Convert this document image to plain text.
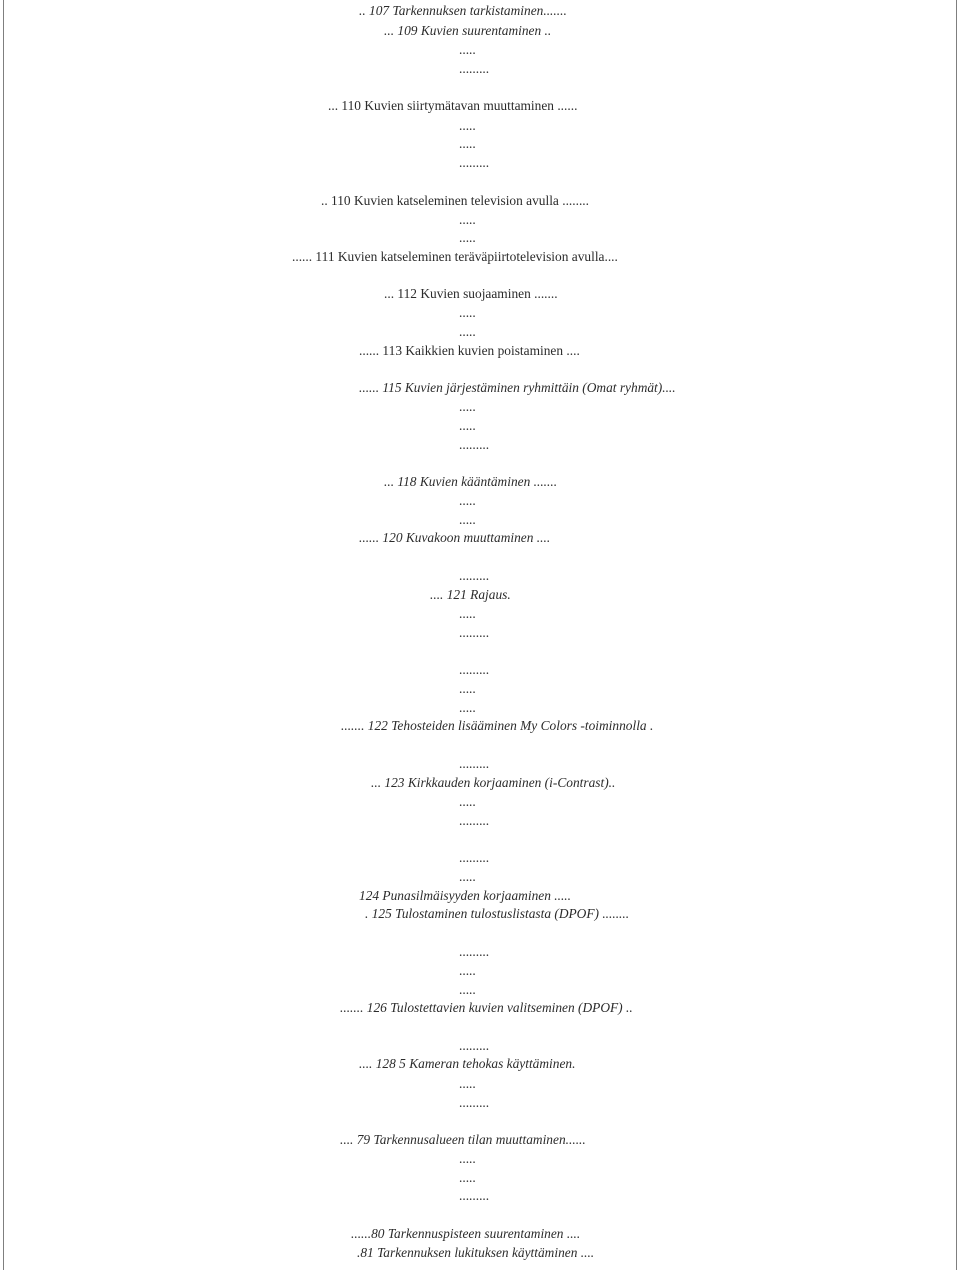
.. 107 Tarkennuksen tarkistaminen.......
... 109 Kuvien suurentaminen ..
.....
.........
... 110 Kuvien siirtymätavan muuttaminen ......
.....
.....
.........
.. 110 Kuvien katseleminen television avulla ........
.....
.....
...... 111 Kuvien katseleminen teräväpiirtotelevision avulla....
... 112 Kuvien suojaaminen .......
.....
.....
...... 113 Kaikkien kuvien poistaminen ....
...... 115 Kuvien järjestäminen ryhmittäin (Omat ryhmät)....
.....
.....
.........
... 118 Kuvien kääntäminen .......
.....
.....
...... 120 Kuvakoon muuttaminen ....
.........
.... 121 Rajaus.
.....
.........
.........
.....
.....
....... 122 Tehosteiden lisääminen My Colors -toiminnolla .
.........
... 123 Kirkkauden korjaaminen (i-Contrast)..
.....
.........
.........
.....
124 Punasilmäisyyden korjaaminen .....
. 125 Tulostaminen tulostuslistasta (DPOF) ........
.........
.....
.....
....... 126 Tulostettavien kuvien valitseminen (DPOF) ..
.........
.... 128 5 Kameran tehokas käyttäminen.
.....
.........
.... 79 Tarkennusalueen tilan muuttaminen......
.....
.....
.........
......80 Tarkennuspisteen suurentaminen ....
.81 Tarkennuksen lukituksen käyttäminen ....
